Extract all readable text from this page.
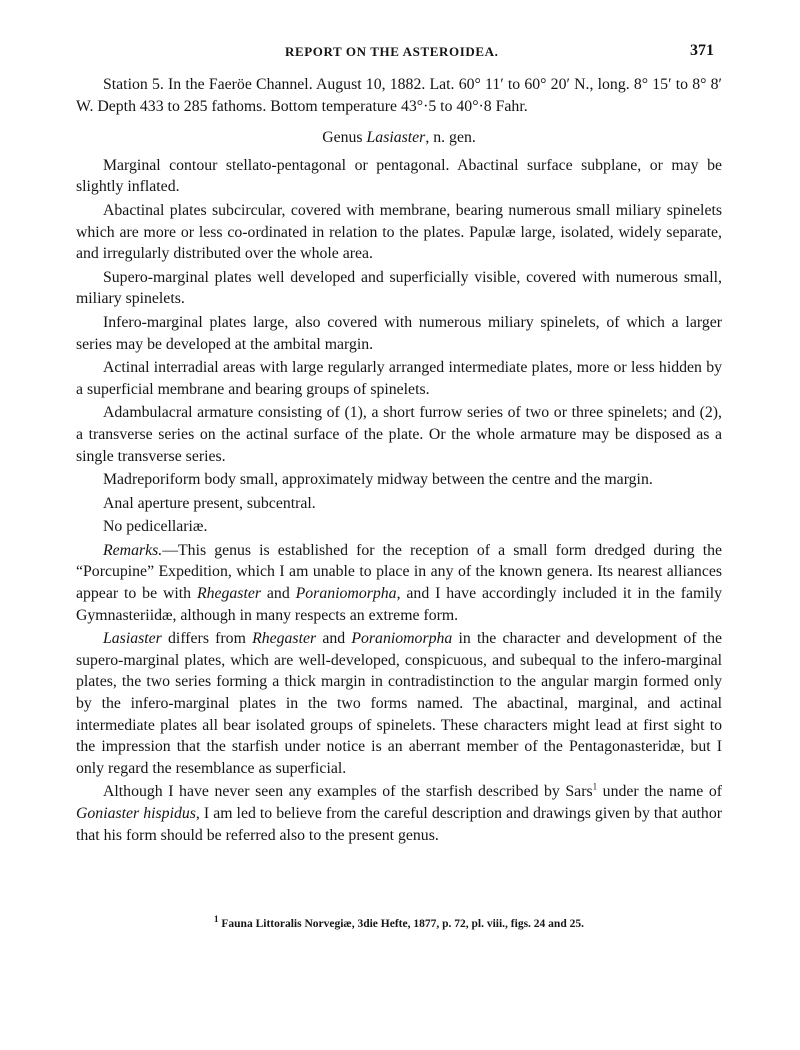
REPORT ON THE ASTEROIDEA.	371

Station 5. In the Faeröe Channel. August 10, 1882. Lat. 60° 11′ to 60° 20′ N., long. 8° 15′ to 8° 8′ W. Depth 433 to 285 fathoms. Bottom temperature 43°·5 to 40°·8 Fahr.

Genus Lasiaster, n. gen.

Marginal contour stellato-pentagonal or pentagonal. Abactinal surface subplane, or may be slightly inflated.

Abactinal plates subcircular, covered with membrane, bearing numerous small miliary spinelets which are more or less co-ordinated in relation to the plates. Papulæ large, isolated, widely separate, and irregularly distributed over the whole area.

Supero-marginal plates well developed and superficially visible, covered with numerous small, miliary spinelets.

Infero-marginal plates large, also covered with numerous miliary spinelets, of which a larger series may be developed at the ambital margin.

Actinal interradial areas with large regularly arranged intermediate plates, more or less hidden by a superficial membrane and bearing groups of spinelets.

Adambulacral armature consisting of (1), a short furrow series of two or three spinelets; and (2), a transverse series on the actinal surface of the plate. Or the whole armature may be disposed as a single transverse series.

Madreporiform body small, approximately midway between the centre and the margin.

Anal aperture present, subcentral.

No pedicellariæ.

Remarks.—This genus is established for the reception of a small form dredged during the “Porcupine” Expedition, which I am unable to place in any of the known genera. Its nearest alliances appear to be with Rhegaster and Poraniomorpha, and I have accordingly included it in the family Gymnasteriidæ, although in many respects an extreme form.

Lasiaster differs from Rhegaster and Poraniomorpha in the character and development of the supero-marginal plates, which are well-developed, conspicuous, and subequal to the infero-marginal plates, the two series forming a thick margin in contradistinction to the angular margin formed only by the infero-marginal plates in the two forms named. The abactinal, marginal, and actinal intermediate plates all bear isolated groups of spinelets. These characters might lead at first sight to the impression that the starfish under notice is an aberrant member of the Pentagonasteridæ, but I only regard the resemblance as superficial.

Although I have never seen any examples of the starfish described by Sars$^1$ under the name of Goniaster hispidus, I am led to believe from the careful description and drawings given by that author that his form should be referred also to the present genus.

$^1$ Fauna Littoralis Norvegiæ, 3die Hefte, 1877, p. 72, pl. viii., figs. 24 and 25.
